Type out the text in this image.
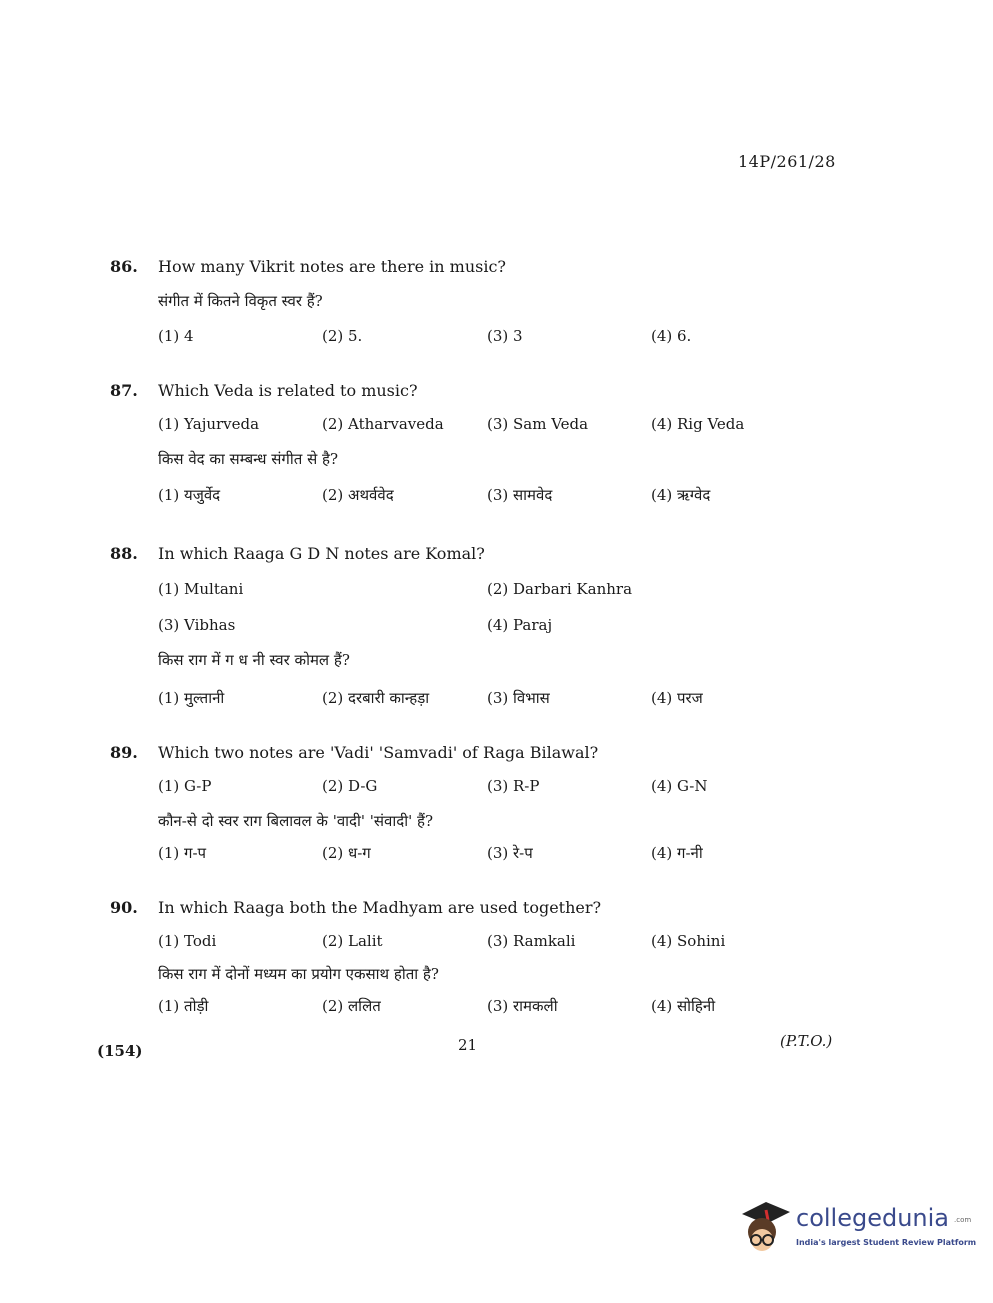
14P/261/28
86. How many Vikrit notes are there in music?
संगीत में कितने विकृत स्वर हैं?
(1) 4	(2) 5.	(3) 3	(4) 6.
87. Which Veda is related to music?
(1) Yajurveda	(2) Atharvaveda	(3) Sam Veda	(4) Rig Veda
किस वेद का सम्बन्ध संगीत से है?
(1) यजुर्वेद	(2) अथर्ववेद	(3) सामवेद	(4) ऋग्वेद
88. In which Raaga G D N notes are Komal?
(1) Multani	(2) Darbari Kanhra
(3) Vibhas	(4) Paraj
किस राग में ग ध नी स्वर कोमल हैं?
(1) मुल्तानी	(2) दरबारी कान्हड़ा	(3) विभास	(4) परज
89. Which two notes are 'Vadi' 'Samvadi' of Raga Bilawal?
(1) G-P	(2) D-G	(3) R-P	(4) G-N
कौन-से दो स्वर राग बिलावल के 'वादी' 'संवादी' हैं?
(1) ग-प	(2) ध-ग	(3) रे-प	(4) ग-नी
90. In which Raaga both the Madhyam are used together?
(1) Todi	(2) Lalit	(3) Ramkali	(4) Sohini
किस राग में दोनों मध्यम का प्रयोग एकसाथ होता है?
(1) तोड़ी	(2) ललित	(3) रामकली	(4) सोहिनी
(154)	21	(P.T.O.)
collegedunia .com
India's largest Student Review Platform
